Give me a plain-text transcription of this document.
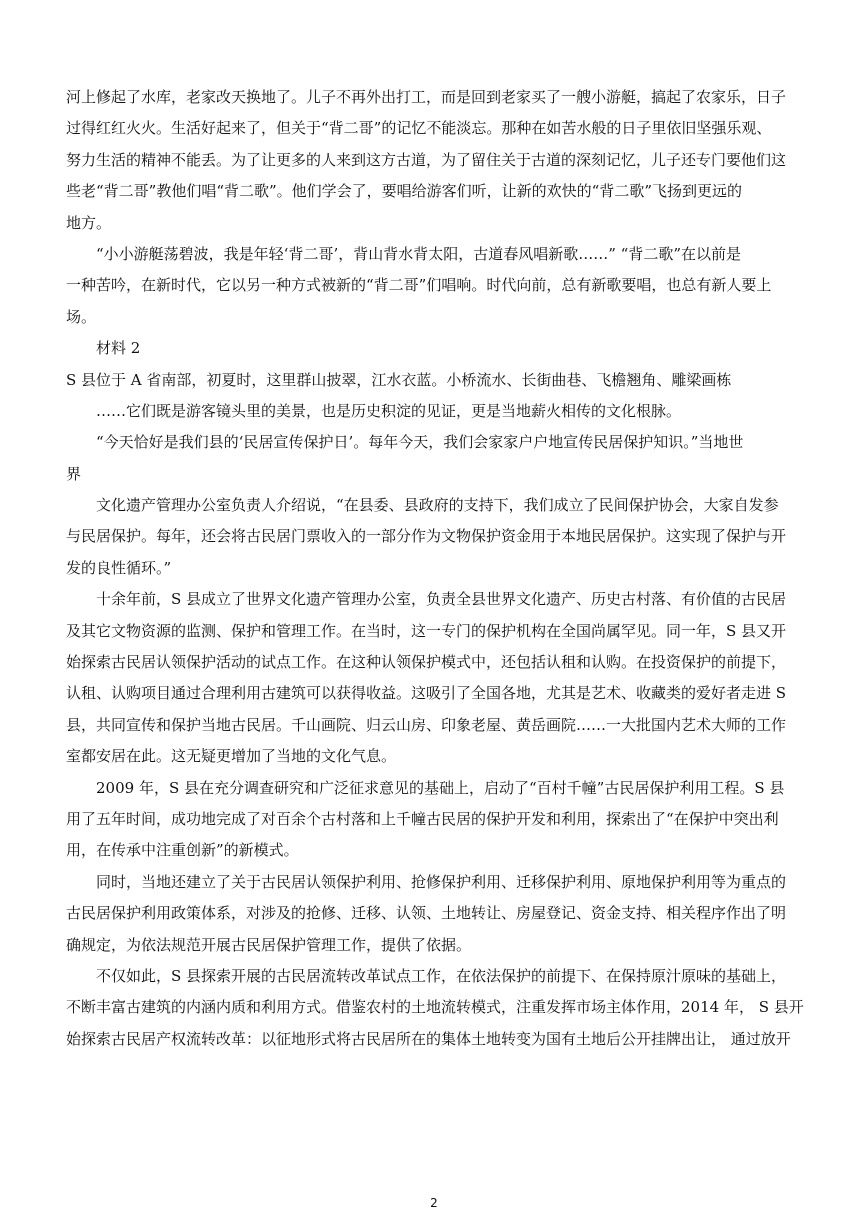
河上修起了水库，老家改天换地了。儿子不再外出打工，而是回到老家买了一艘小游艇，搞起了农家乐，日子
过得红红火火。生活好起来了，但关于“背二哥”的记忆不能淡忘。那种在如苦水般的日子里依旧坚强乐观、
努力生活的精神不能丢。为了让更多的人来到这方古道，为了留住关于古道的深刻记忆，儿子还专门要他们这
些老“背二哥”教他们唱“背二歌”。他们学会了，要唱给游客们听，让新的欢快的“背二歌”飞扬到更远的
地方。
“小小游艇荡碧波，我是年轻‘背二哥’，背山背水背太阳，古道春风唱新歌……” “背二歌”在以前是
一种苦吟，在新时代，它以另一种方式被新的“背二哥”们唱响。时代向前，总有新歌要唱，也总有新人要上
场。
材料 2
S 县位于 A 省南部，初夏时，这里群山披翠，江水衣蓝。小桥流水、长街曲巷、飞檐翘角、雕梁画栋
……它们既是游客镜头里的美景，也是历史积淀的见证，更是当地薪火相传的文化根脉。
“今天恰好是我们县的‘民居宣传保护日’。每年今天，我们会家家户户地宣传民居保护知识。”当地世
界
文化遗产管理办公室负责人介绍说，“在县委、县政府的支持下，我们成立了民间保护协会，大家自发参
与民居保护。每年，还会将古民居门票收入的一部分作为文物保护资金用于本地民居保护。这实现了保护与开
发的良性循环。”
十余年前，S 县成立了世界文化遗产管理办公室，负责全县世界文化遗产、历史古村落、有价值的古民居
及其它文物资源的监测、保护和管理工作。在当时，这一专门的保护机构在全国尚属罕见。同一年，S 县又开
始探索古民居认领保护活动的试点工作。在这种认领保护模式中，还包括认租和认购。在投资保护的前提下，
认租、认购项目通过合理利用古建筑可以获得收益。这吸引了全国各地，尤其是艺术、收藏类的爱好者走进 S
县，共同宣传和保护当地古民居。千山画院、归云山房、印象老屋、黄岳画院……一大批国内艺术大师的工作
室都安居在此。这无疑更增加了当地的文化气息。
2009 年，S 县在充分调查研究和广泛征求意见的基础上，启动了“百村千幢”古民居保护利用工程。S 县
用了五年时间，成功地完成了对百余个古村落和上千幢古民居的保护开发和利用，探索出了“在保护中突出利
用，在传承中注重创新”的新模式。
同时，当地还建立了关于古民居认领保护利用、抢修保护利用、迁移保护利用、原地保护利用等为重点的
古民居保护利用政策体系，对涉及的抢修、迁移、认领、土地转让、房屋登记、资金支持、相关程序作出了明
确规定，为依法规范开展古民居保护管理工作，提供了依据。
不仅如此，S 县探索开展的古民居流转改革试点工作，在依法保护的前提下、在保持原汁原味的基础上，
不断丰富古建筑的内涵内质和利用方式。借鉴农村的土地流转模式，注重发挥市场主体作用，2014 年， S 县开
始探索古民居产权流转改革：以征地形式将古民居所在的集体土地转变为国有土地后公开挂牌出让， 通过放开
2
